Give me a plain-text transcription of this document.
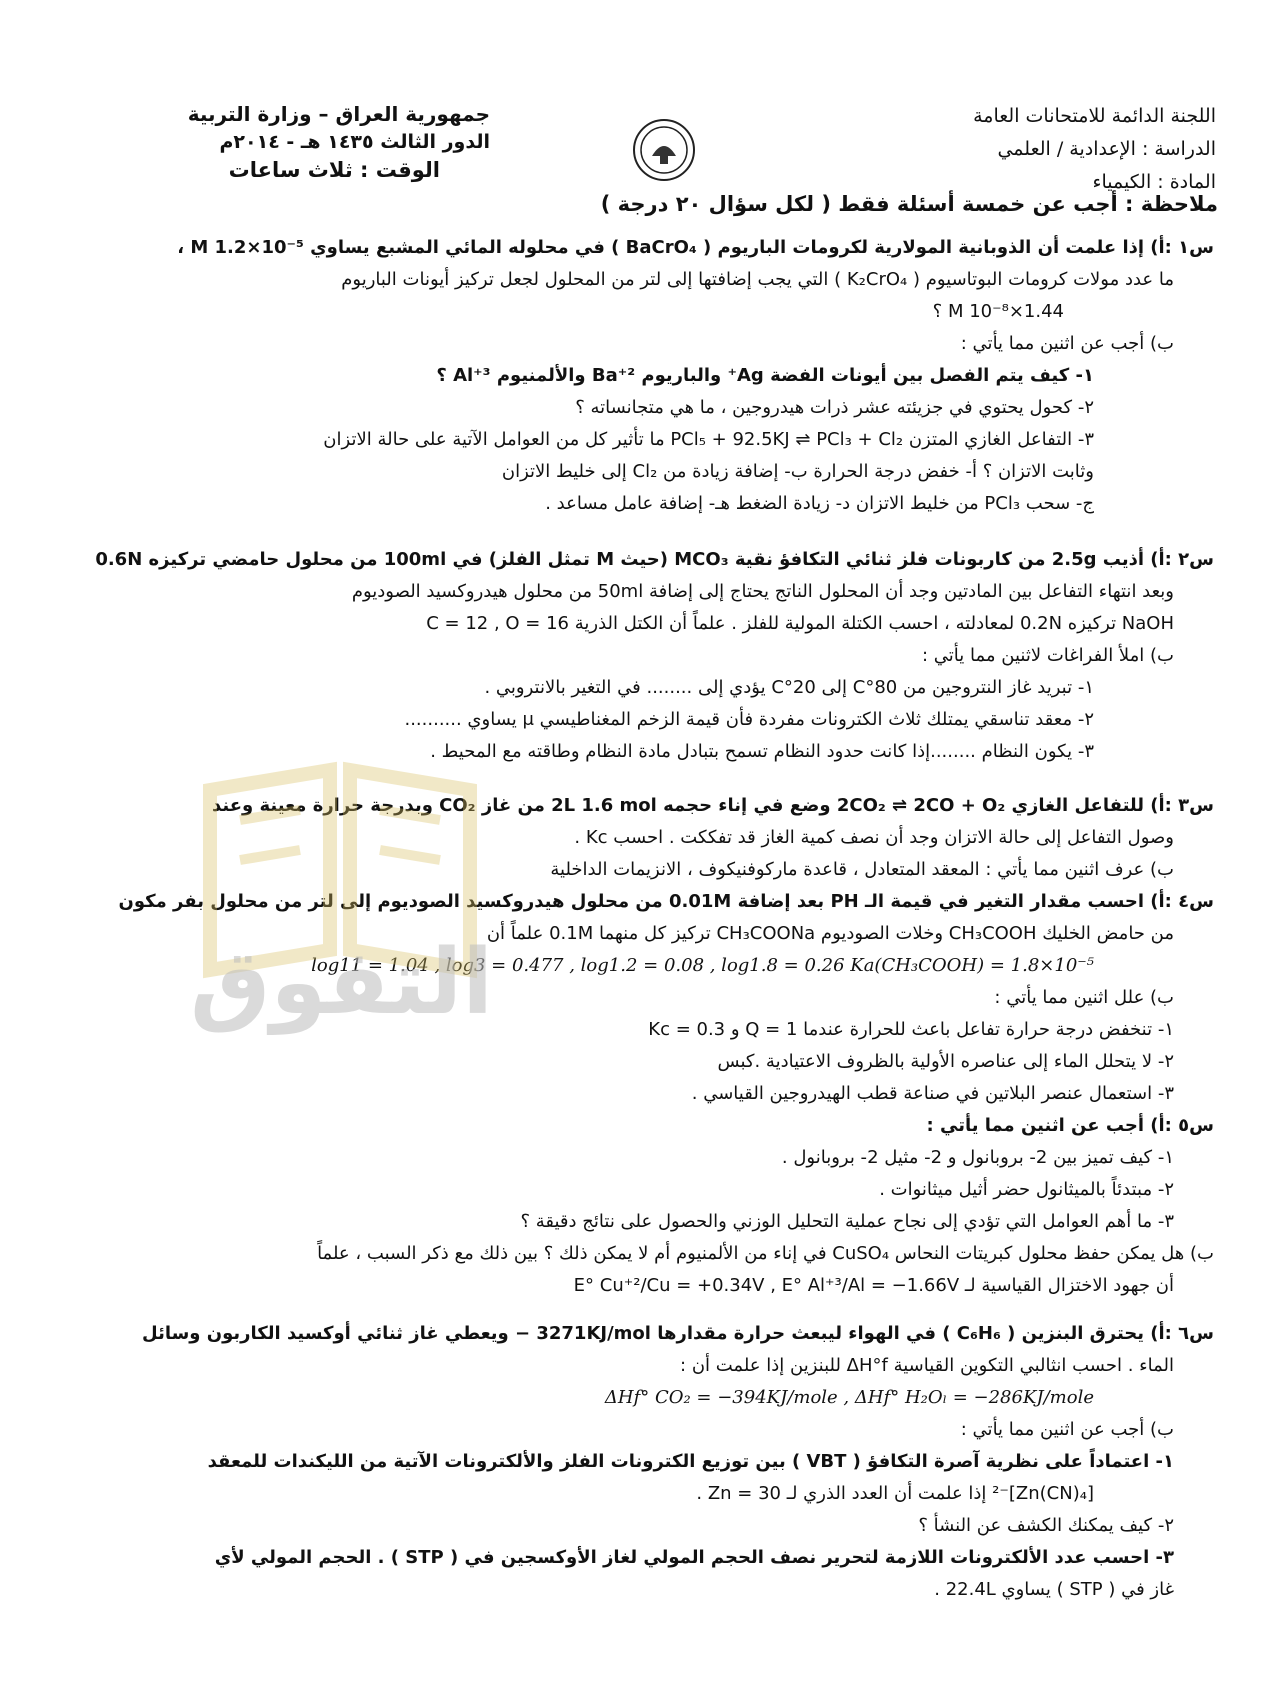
اللجنة الدائمة للامتحانات العامة
الدراسة : الإعدادية / العلمي
المادة : الكيمياء
جمهورية العراق – وزارة التربية
الدور الثالث ١٤٣٥ هـ - ٢٠١٤م
الوقت : ثلاث ساعات
ملاحظة : أجب عن خمسة أسئلة فقط ( لكل سؤال ٢٠ درجة )

س١ :أ) إذا علمت أن الذوبانية المولارية لكرومات الباريوم ( BaCrO₄ ) في محلوله المائي المشبع يساوي M 1.2×10⁻⁵ ،

ما عدد مولات كرومات البوتاسيوم ( K₂CrO₄ ) التي يجب إضافتها إلى لتر من المحلول لجعل تركيز أيونات الباريوم

1.44×10⁻⁸ M ؟

ب) أجب عن اثنين مما يأتي :

١- كيف يتم الفصل بين أيونات الفضة Ag⁺ والباريوم Ba⁺² والألمنيوم Al⁺³ ؟

٢- كحول يحتوي في جزيئته عشر ذرات هيدروجين ، ما هي متجانساته ؟

٣- التفاعل الغازي المتزن PCl₅ + 92.5KJ ⇌ PCl₃ + Cl₂ ما تأثير كل من العوامل الآتية على حالة الاتزان

وثابت الاتزان ؟ أ- خفض درجة الحرارة ب- إضافة زيادة من Cl₂ إلى خليط الاتزان

ج- سحب PCl₃ من خليط الاتزان د- زيادة الضغط هـ- إضافة عامل مساعد .

س٢ :أ) أذيب 2.5g من كاربونات فلز ثنائي التكافؤ نقية MCO₃ (حيث M تمثل الفلز) في 100ml من محلول حامضي تركيزه 0.6N

وبعد انتهاء التفاعل بين المادتين وجد أن المحلول الناتج يحتاج إلى إضافة 50ml من محلول هيدروكسيد الصوديوم

NaOH تركيزه 0.2N لمعادلته ، احسب الكتلة المولية للفلز . علماً أن الكتل الذرية C = 12 , O = 16

ب) املأ الفراغات لاثنين مما يأتي :

١- تبريد غاز النتروجين من 80°C إلى 20°C يؤدي إلى ........ في التغير بالانتروبي .

٢- معقد تناسقي يمتلك ثلاث الكترونات مفردة فأن قيمة الزخم المغناطيسي μ يساوي ..........

٣- يكون النظام ........إذا كانت حدود النظام تسمح بتبادل مادة النظام وطاقته مع المحيط .

س٣ :أ) للتفاعل الغازي 2CO₂ ⇌ 2CO + O₂ وضع في إناء حجمه 2L 1.6 mol من غاز CO₂ وبدرجة حرارة معينة وعند

وصول التفاعل إلى حالة الاتزان وجد أن نصف كمية الغاز قد تفككت . احسب Kc .

ب) عرف اثنين مما يأتي : المعقد المتعادل ، قاعدة ماركوفنيكوف ، الانزيمات الداخلية

س٤ :أ) احسب مقدار التغير في قيمة الـ PH بعد إضافة 0.01M من محلول هيدروكسيد الصوديوم إلى لتر من محلول بفر مكون

من حامض الخليك CH₃COOH وخلات الصوديوم CH₃COONa تركيز كل منهما 0.1M علماً أن

log11 = 1.04 , log3 = 0.477 , log1.2 = 0.08 , log1.8 = 0.26 Ka(CH₃COOH) = 1.8×10⁻⁵

ب) علل اثنين مما يأتي :

١- تنخفض درجة حرارة تفاعل باعث للحرارة عندما Q = 1 و Kc = 0.3

٢- لا يتحلل الماء إلى عناصره الأولية بالظروف الاعتيادية .كبس

٣- استعمال عنصر البلاتين في صناعة قطب الهيدروجين القياسي .

س٥ :أ) أجب عن اثنين مما يأتي :

١- كيف تميز بين 2- بروبانول و 2- مثيل 2- بروبانول .

٢- مبتدئاً بالميثانول حضر أثيل ميثانوات .

٣- ما أهم العوامل التي تؤدي إلى نجاح عملية التحليل الوزني والحصول على نتائج دقيقة ؟

ب) هل يمكن حفظ محلول كبريتات النحاس CuSO₄ في إناء من الألمنيوم أم لا يمكن ذلك ؟ بين ذلك مع ذكر السبب ، علماً

أن جهود الاختزال القياسية لـ E° Cu⁺²/Cu = +0.34V , E° Al⁺³/Al = −1.66V

س٦ :أ) يحترق البنزين ( C₆H₆ ) في الهواء ليبعث حرارة مقدارها 3271KJ/mol − ويعطي غاز ثنائي أوكسيد الكاربون وسائل

الماء . احسب انثالبي التكوين القياسية ΔH°f للبنزين إذا علمت أن :

ΔHf° CO₂ = −394KJ/mole , ΔHf° H₂Oₗ = −286KJ/mole

ب) أجب عن اثنين مما يأتي :

١- اعتماداً على نظرية آصرة التكافؤ ( VBT ) بين توزيع الكترونات الفلز والألكترونات الآتية من الليكندات للمعقد

[Zn(CN)₄]⁻² إذا علمت أن العدد الذري لـ Zn = 30 .

٢- كيف يمكنك الكشف عن النشأ ؟

٣- احسب عدد الألكترونات اللازمة لتحرير نصف الحجم المولي لغاز الأوكسجين في ( STP ) . الحجم المولي لأي

غاز في ( STP ) يساوي 22.4L .

التفوق
